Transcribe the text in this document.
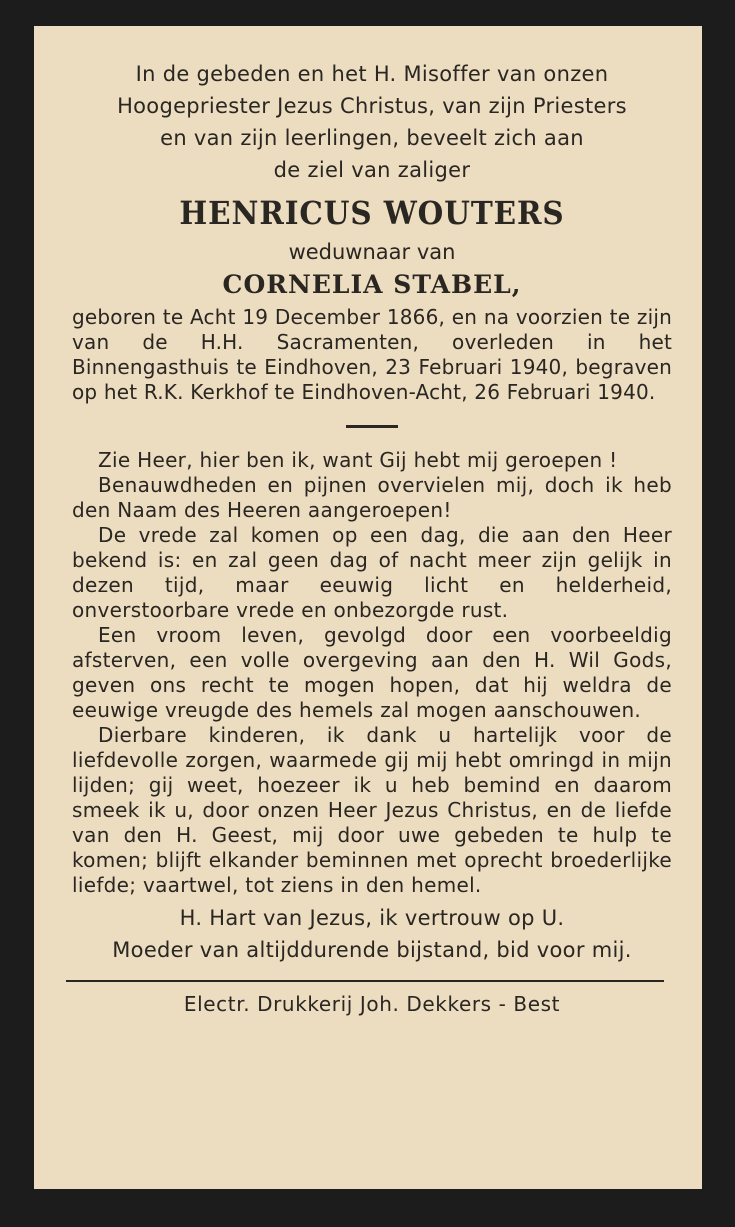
In de gebeden en het H. Misoffer van onzen

Hoogepriester Jezus Christus, van zijn Priesters

en van zijn leerlingen, beveelt zich aan

de ziel van zaliger

HENRICUS WOUTERS
weduwnaar van
CORNELIA STABEL,

geboren te Acht 19 December 1866, en na voorzien te zijn van de H.H. Sacramenten, overleden in het Binnengasthuis te Eindhoven, 23 Februari 1940, begraven op het R.K. Kerkhof te Eindhoven-Acht, 26 Februari 1940.

Zie Heer, hier ben ik, want Gij hebt mij geroepen !

Benauwdheden en pijnen overvielen mij, doch ik heb den Naam des Heeren aangeroepen!

De vrede zal komen op een dag, die aan den Heer bekend is: en zal geen dag of nacht meer zijn gelijk in dezen tijd, maar eeuwig licht en helderheid, onverstoorbare vrede en onbezorgde rust.

Een vroom leven, gevolgd door een voorbeeldig afsterven, een volle overgeving aan den H. Wil Gods, geven ons recht te mogen hopen, dat hij weldra de eeuwige vreugde des hemels zal mogen aanschouwen.

Dierbare kinderen, ik dank u hartelijk voor de liefdevolle zorgen, waarmede gij mij hebt omringd in mijn lijden; gij weet, hoezeer ik u heb bemind en daarom smeek ik u, door onzen Heer Jezus Christus, en de liefde van den H. Geest, mij door uwe gebeden te hulp te komen; blijft elkander beminnen met oprecht broederlijke liefde; vaartwel, tot ziens in den hemel.

H. Hart van Jezus, ik vertrouw op U.

Moeder van altijddurende bijstand, bid voor mij.

Electr. Drukkerij Joh. Dekkers - Best
